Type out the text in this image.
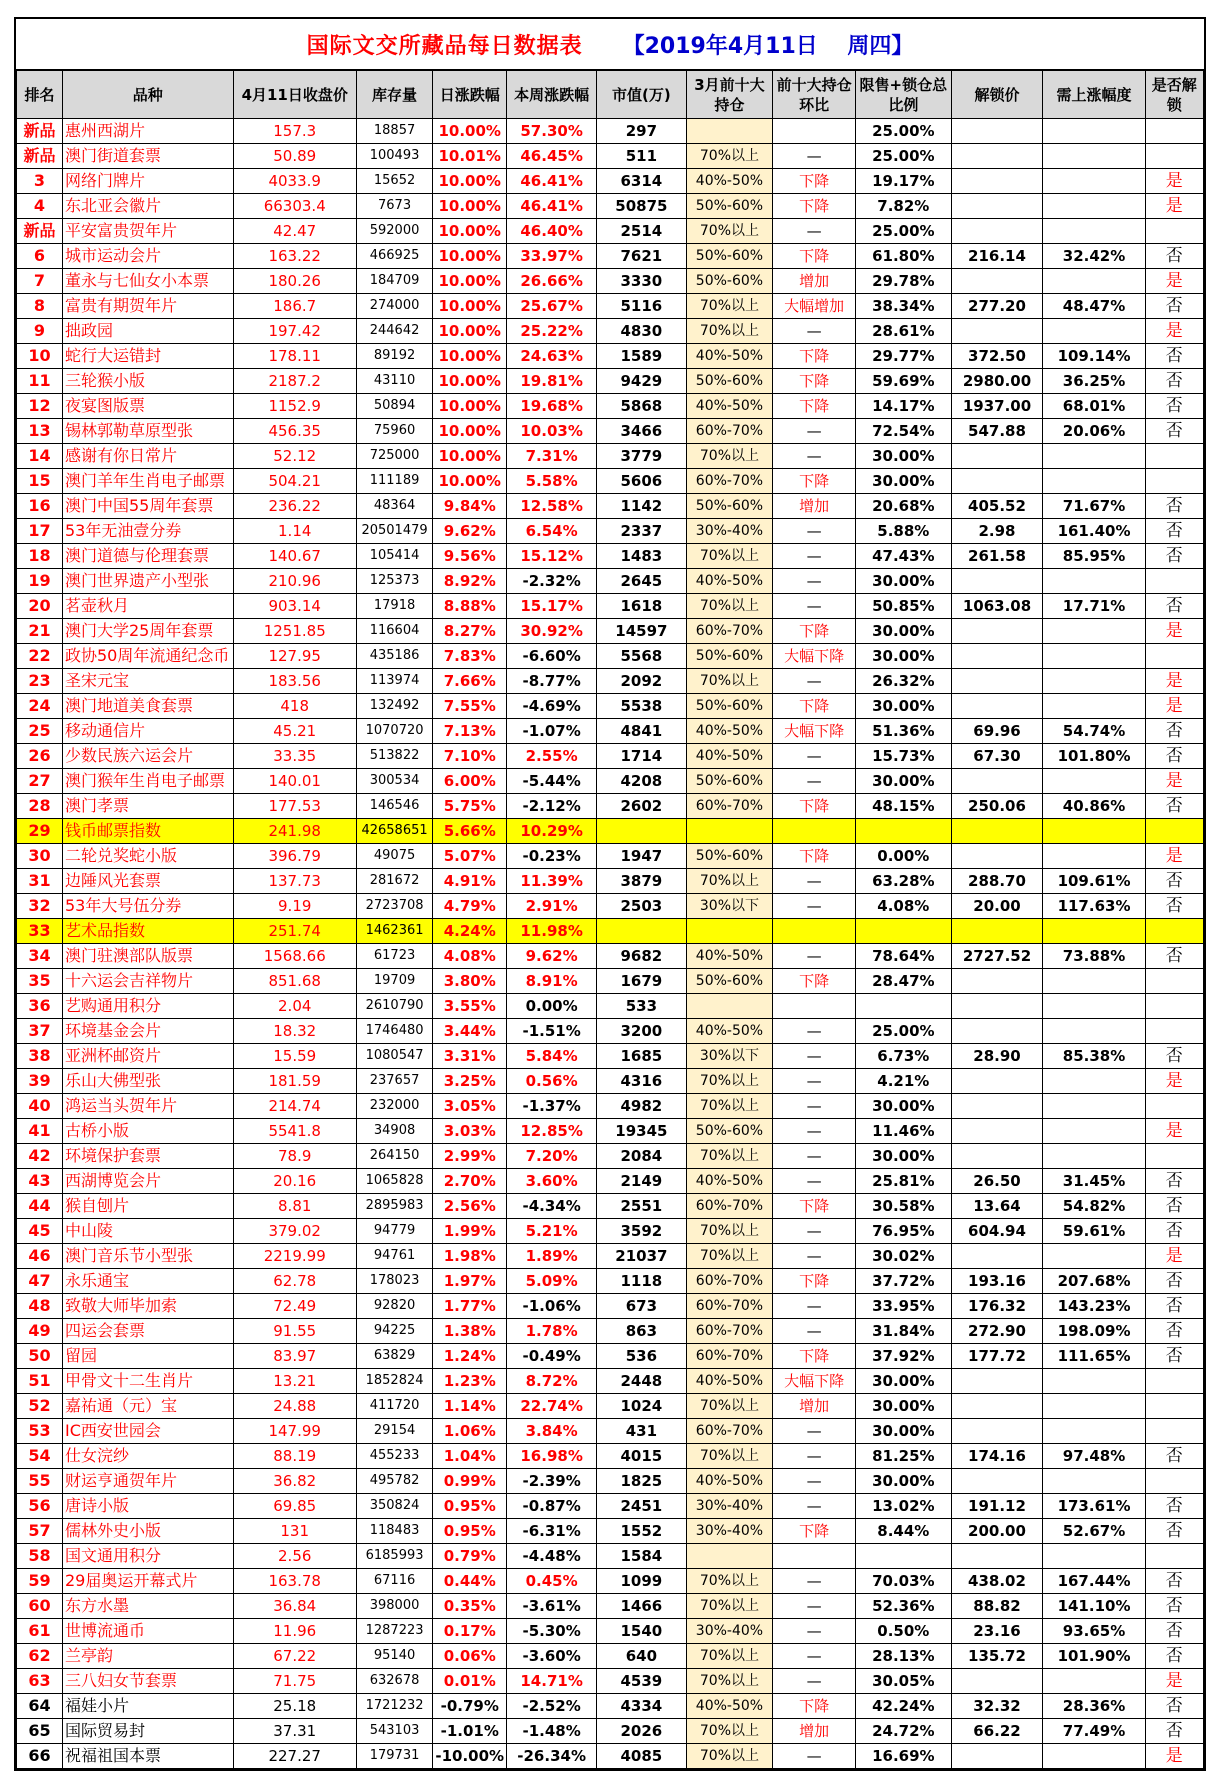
国际文交所藏品每日数据表 【2019年4月11日　 周四】
排名	品种	4月11日收盘价	库存量	日涨跌幅	本周涨跌幅	市值(万)	3月前十大持仓	前十大持仓环比	限售+锁仓总比例	解锁价	需上涨幅度	是否解锁
新品	惠州西湖片	157.3	18857	10.00%	57.30%	297			25.00%			
新品	澳门街道套票	50.89	100493	10.01%	46.45%	511	70%以上	—	25.00%			
3	网络门牌片	4033.9	15652	10.00%	46.41%	6314	40%-50%	下降	19.17%			是
4	东北亚会徽片	66303.4	7673	10.00%	46.41%	50875	50%-60%	下降	7.82%			是
新品	平安富贵贺年片	42.47	592000	10.00%	46.40%	2514	70%以上	—	25.00%			
6	城市运动会片	163.22	466925	10.00%	33.97%	7621	50%-60%	下降	61.80%	216.14	32.42%	否
7	董永与七仙女小本票	180.26	184709	10.00%	26.66%	3330	50%-60%	增加	29.78%			是
8	富贵有期贺年片	186.7	274000	10.00%	25.67%	5116	70%以上	大幅增加	38.34%	277.20	48.47%	否
9	拙政园	197.42	244642	10.00%	25.22%	4830	70%以上	—	28.61%			是
10	蛇行大运错封	178.11	89192	10.00%	24.63%	1589	40%-50%	下降	29.77%	372.50	109.14%	否
11	三轮猴小版	2187.2	43110	10.00%	19.81%	9429	50%-60%	下降	59.69%	2980.00	36.25%	否
12	夜宴图版票	1152.9	50894	10.00%	19.68%	5868	40%-50%	下降	14.17%	1937.00	68.01%	否
13	锡林郭勒草原型张	456.35	75960	10.00%	10.03%	3466	60%-70%	—	72.54%	547.88	20.06%	否
14	感谢有你日常片	52.12	725000	10.00%	7.31%	3779	70%以上	—	30.00%			
15	澳门羊年生肖电子邮票	504.21	111189	10.00%	5.58%	5606	60%-70%	下降	30.00%			
16	澳门中国55周年套票	236.22	48364	9.84%	12.58%	1142	50%-60%	增加	20.68%	405.52	71.67%	否
17	53年无油壹分券	1.14	20501479	9.62%	6.54%	2337	30%-40%	—	5.88%	2.98	161.40%	否
18	澳门道德与伦理套票	140.67	105414	9.56%	15.12%	1483	70%以上	—	47.43%	261.58	85.95%	否
19	澳门世界遗产小型张	210.96	125373	8.92%	-2.32%	2645	40%-50%	—	30.00%			
20	茗壶秋月	903.14	17918	8.88%	15.17%	1618	70%以上	—	50.85%	1063.08	17.71%	否
21	澳门大学25周年套票	1251.85	116604	8.27%	30.92%	14597	60%-70%	下降	30.00%			是
22	政协50周年流通纪念币	127.95	435186	7.83%	-6.60%	5568	50%-60%	大幅下降	30.00%			
23	圣宋元宝	183.56	113974	7.66%	-8.77%	2092	70%以上	—	26.32%			是
24	澳门地道美食套票	418	132492	7.55%	-4.69%	5538	50%-60%	下降	30.00%			是
25	移动通信片	45.21	1070720	7.13%	-1.07%	4841	40%-50%	大幅下降	51.36%	69.96	54.74%	否
26	少数民族六运会片	33.35	513822	7.10%	2.55%	1714	40%-50%	—	15.73%	67.30	101.80%	否
27	澳门猴年生肖电子邮票	140.01	300534	6.00%	-5.44%	4208	50%-60%	—	30.00%			是
28	澳门孝票	177.53	146546	5.75%	-2.12%	2602	60%-70%	下降	48.15%	250.06	40.86%	否
29	钱币邮票指数	241.98	42658651	5.66%	10.29%							
30	二轮兑奖蛇小版	396.79	49075	5.07%	-0.23%	1947	50%-60%	下降	0.00%			是
31	边陲风光套票	137.73	281672	4.91%	11.39%	3879	70%以上	—	63.28%	288.70	109.61%	否
32	53年大号伍分券	9.19	2723708	4.79%	2.91%	2503	30%以下	—	4.08%	20.00	117.63%	否
33	艺术品指数	251.74	1462361	4.24%	11.98%							
34	澳门驻澳部队版票	1568.66	61723	4.08%	9.62%	9682	40%-50%	—	78.64%	2727.52	73.88%	否
35	十六运会吉祥物片	851.68	19709	3.80%	8.91%	1679	50%-60%	下降	28.47%			
36	艺购通用积分	2.04	2610790	3.55%	0.00%	533						
37	环境基金会片	18.32	1746480	3.44%	-1.51%	3200	40%-50%	—	25.00%			
38	亚洲杯邮资片	15.59	1080547	3.31%	5.84%	1685	30%以下	—	6.73%	28.90	85.38%	否
39	乐山大佛型张	181.59	237657	3.25%	0.56%	4316	70%以上	—	4.21%			是
40	鸿运当头贺年片	214.74	232000	3.05%	-1.37%	4982	70%以上	—	30.00%			
41	古桥小版	5541.8	34908	3.03%	12.85%	19345	50%-60%	—	11.46%			是
42	环境保护套票	78.9	264150	2.99%	7.20%	2084	70%以上	—	30.00%			
43	西湖博览会片	20.16	1065828	2.70%	3.60%	2149	40%-50%	—	25.81%	26.50	31.45%	否
44	猴自刨片	8.81	2895983	2.56%	-4.34%	2551	60%-70%	下降	30.58%	13.64	54.82%	否
45	中山陵	379.02	94779	1.99%	5.21%	3592	70%以上	—	76.95%	604.94	59.61%	否
46	澳门音乐节小型张	2219.99	94761	1.98%	1.89%	21037	70%以上	—	30.02%			是
47	永乐通宝	62.78	178023	1.97%	5.09%	1118	60%-70%	下降	37.72%	193.16	207.68%	否
48	致敬大师毕加索	72.49	92820	1.77%	-1.06%	673	60%-70%	—	33.95%	176.32	143.23%	否
49	四运会套票	91.55	94225	1.38%	1.78%	863	60%-70%	—	31.84%	272.90	198.09%	否
50	留园	83.97	63829	1.24%	-0.49%	536	60%-70%	下降	37.92%	177.72	111.65%	否
51	甲骨文十二生肖片	13.21	1852824	1.23%	8.72%	2448	40%-50%	大幅下降	30.00%			
52	嘉祐通（元）宝	24.88	411720	1.14%	22.74%	1024	70%以上	增加	30.00%			
53	IC西安世园会	147.99	29154	1.06%	3.84%	431	60%-70%	—	30.00%			
54	仕女浣纱	88.19	455233	1.04%	16.98%	4015	70%以上	—	81.25%	174.16	97.48%	否
55	财运亨通贺年片	36.82	495782	0.99%	-2.39%	1825	40%-50%	—	30.00%			
56	唐诗小版	69.85	350824	0.95%	-0.87%	2451	30%-40%	—	13.02%	191.12	173.61%	否
57	儒林外史小版	131	118483	0.95%	-6.31%	1552	30%-40%	下降	8.44%	200.00	52.67%	否
58	国文通用积分	2.56	6185993	0.79%	-4.48%	1584						
59	29届奥运开幕式片	163.78	67116	0.44%	0.45%	1099	70%以上	—	70.03%	438.02	167.44%	否
60	东方水墨	36.84	398000	0.35%	-3.61%	1466	70%以上	—	52.36%	88.82	141.10%	否
61	世博流通币	11.96	1287223	0.17%	-5.30%	1540	30%-40%	—	0.50%	23.16	93.65%	否
62	兰亭韵	67.22	95140	0.06%	-3.60%	640	70%以上	—	28.13%	135.72	101.90%	否
63	三八妇女节套票	71.75	632678	0.01%	14.71%	4539	70%以上	—	30.05%			是
64	福娃小片	25.18	1721232	-0.79%	-2.52%	4334	40%-50%	下降	42.24%	32.32	28.36%	否
65	国际贸易封	37.31	543103	-1.01%	-1.48%	2026	70%以上	增加	24.72%	66.22	77.49%	否
66	祝福祖国本票	227.27	179731	-10.00%	-26.34%	4085	70%以上	—	16.69%			是
